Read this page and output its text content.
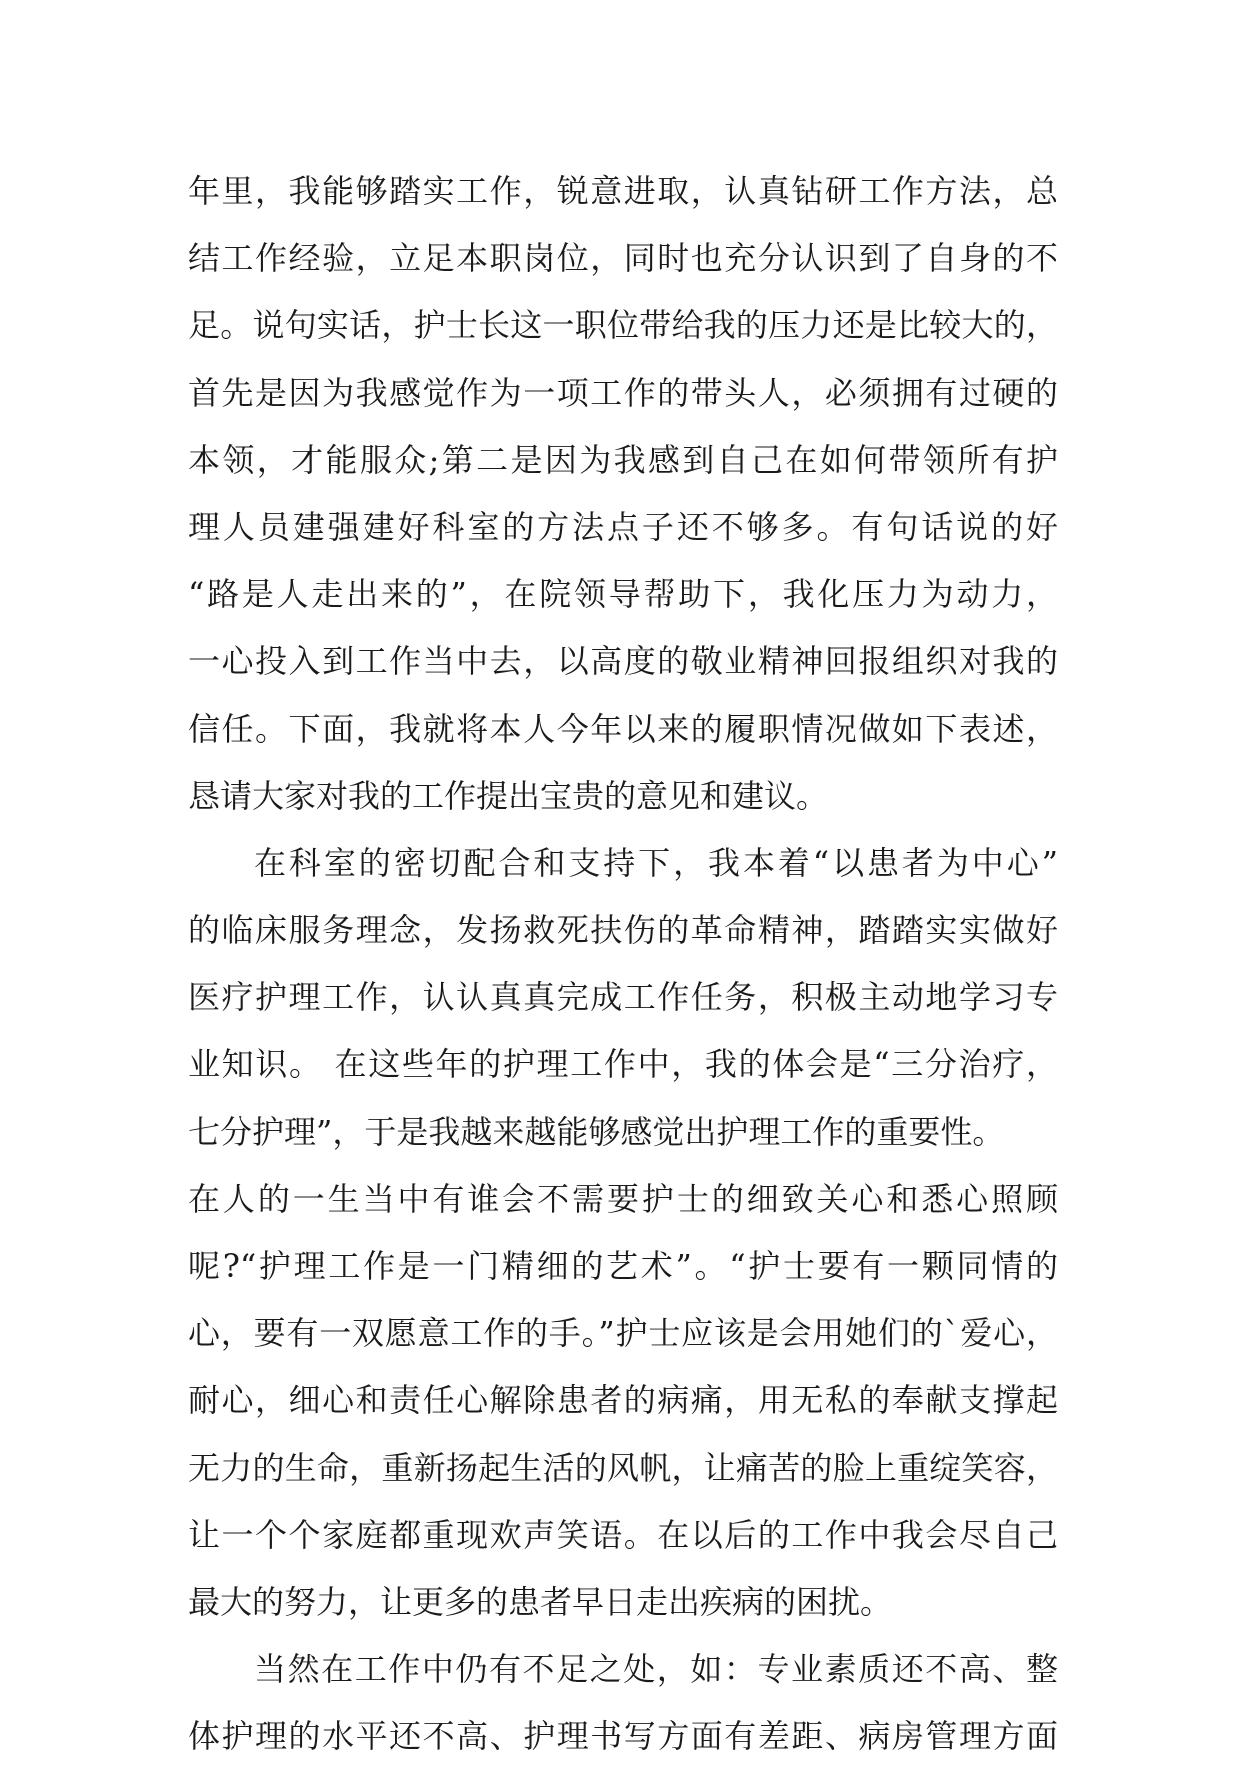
年里，我能够踏实工作，锐意进取，认真钻研工作方法，总
结工作经验，立足本职岗位，同时也充分认识到了自身的不
足。说句实话，护士长这一职位带给我的压力还是比较大的，
首先是因为我感觉作为一项工作的带头人，必须拥有过硬的
本领，才能服众;第二是因为我感到自己在如何带领所有护
理人员建强建好科室的方法点子还不够多。有句话说的好
“路是人走出来的”，在院领导帮助下，我化压力为动力，
一心投入到工作当中去，以高度的敬业精神回报组织对我的
信任。下面，我就将本人今年以来的履职情况做如下表述，
恳请大家对我的工作提出宝贵的意见和建议。
在科室的密切配合和支持下，我本着“以患者为中心”
的临床服务理念，发扬救死扶伤的革命精神，踏踏实实做好
医疗护理工作，认认真真完成工作任务，积极主动地学习专
业知识。 在这些年的护理工作中，我的体会是“三分治疗，
七分护理”，于是我越来越能够感觉出护理工作的重要性。
在人的一生当中有谁会不需要护士的细致关心和悉心照顾
呢?“护理工作是一门精细的艺术”。“护士要有一颗同情的
心，要有一双愿意工作的手。”护士应该是会用她们的`爱心，
耐心，细心和责任心解除患者的病痛，用无私的奉献支撑起
无力的生命，重新扬起生活的风帆，让痛苦的脸上重绽笑容，
让一个个家庭都重现欢声笑语。在以后的工作中我会尽自己
最大的努力，让更多的患者早日走出疾病的困扰。
当然在工作中仍有不足之处，如：专业素质还不高、整
体护理的水平还不高、护理书写方面有差距、病房管理方面
